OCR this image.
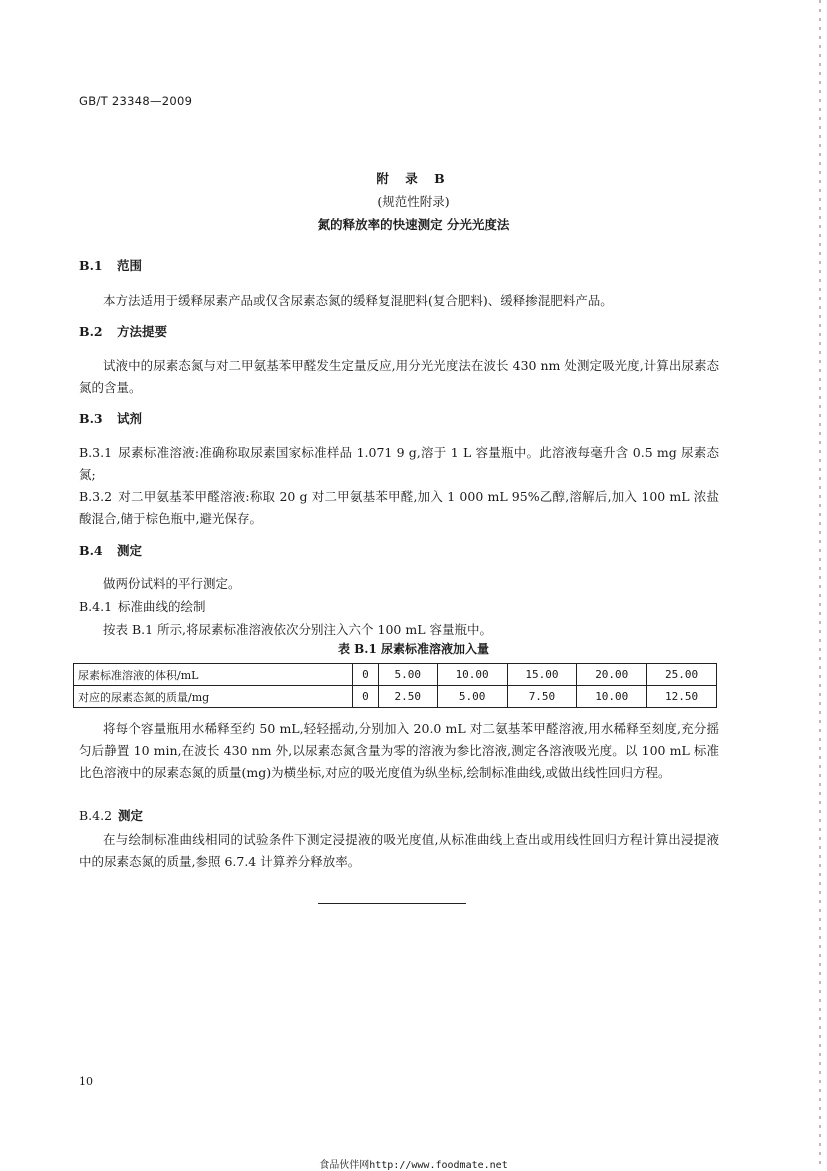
GB/T 23348—2009
附 录 B
(规范性附录)
氮的释放率的快速测定 分光光度法
B.1 范围
本方法适用于缓释尿素产品或仅含尿素态氮的缓释复混肥料(复合肥料)、缓释掺混肥料产品。
B.2 方法提要
试液中的尿素态氮与对二甲氨基苯甲醛发生定量反应,用分光光度法在波长 430 nm 处测定吸光度,计算出尿素态氮的含量。
B.3 试剂
B.3.1 尿素标准溶液:准确称取尿素国家标准样品 1.071 9 g,溶于 1 L 容量瓶中。此溶液每毫升含 0.5 mg 尿素态氮;
B.3.2 对二甲氨基苯甲醛溶液:称取 20 g 对二甲氨基苯甲醛,加入 1 000 mL 95%乙醇,溶解后,加入 100 mL 浓盐酸混合,储于棕色瓶中,避光保存。
B.4 测定
做两份试料的平行测定。
B.4.1 标准曲线的绘制
按表 B.1 所示,将尿素标准溶液依次分别注入六个 100 mL 容量瓶中。
表 B.1 尿素标准溶液加入量
尿素标准溶液的体积/mL	0	5.00	10.00	15.00	20.00	25.00
对应的尿素态氮的质量/mg	0	2.50	5.00	7.50	10.00	12.50
将每个容量瓶用水稀释至约 50 mL,轻轻摇动,分别加入 20.0 mL 对二氨基苯甲醛溶液,用水稀释至刻度,充分摇匀后静置 10 min,在波长 430 nm 外,以尿素态氮含量为零的溶液为参比溶液,测定各溶液吸光度。以 100 mL 标准比色溶液中的尿素态氮的质量(mg)为横坐标,对应的吸光度值为纵坐标,绘制标准曲线,或做出线性回归方程。
B.4.2 测定
在与绘制标准曲线相同的试验条件下测定浸提液的吸光度值,从标准曲线上查出或用线性回归方程计算出浸提液中的尿素态氮的质量,参照 6.7.4 计算养分释放率。
10
食品伙伴网http://www.foodmate.net
